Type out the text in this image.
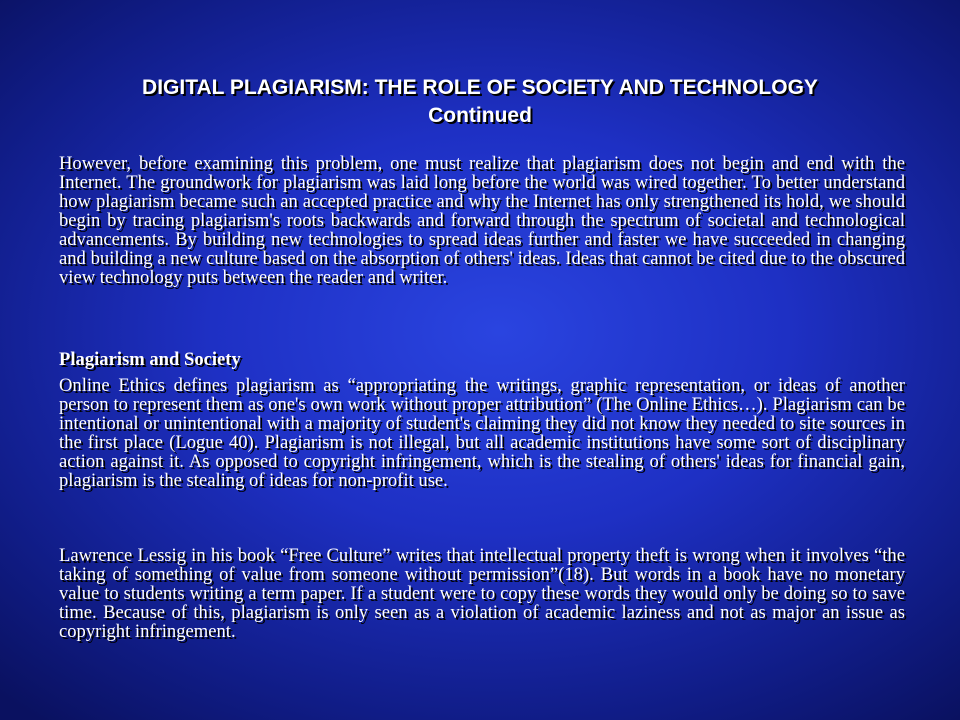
DIGITAL PLAGIARISM: THE ROLE OF SOCIETY AND TECHNOLOGY
Continued

However, before examining this problem, one must realize that plagiarism does not begin and end with the Internet. The groundwork for plagiarism was laid long before the world was wired together. To better understand how plagiarism became such an accepted practice and why the Internet has only strengthened its hold, we should begin by tracing plagiarism's roots backwards and forward through the spectrum of societal and technological advancements. By building new technologies to spread ideas further and faster we have succeeded in changing and building a new culture based on the absorption of others' ideas. Ideas that cannot be cited due to the obscured view technology puts between the reader and writer.

Plagiarism and Society

Online Ethics defines plagiarism as “appropriating the writings, graphic representation, or ideas of another person to represent them as one's own work without proper attribution” (The Online Ethics…). Plagiarism can be intentional or unintentional with a majority of student's claiming they did not know they needed to site sources in the first place (Logue 40). Plagiarism is not illegal, but all academic institutions have some sort of disciplinary action against it. As opposed to copyright infringement, which is the stealing of others' ideas for financial gain, plagiarism is the stealing of ideas for non-profit use.

Lawrence Lessig in his book “Free Culture” writes that intellectual property theft is wrong when it involves “the taking of something of value from someone without permission”(18). But words in a book have no monetary value to students writing a term paper. If a student were to copy these words they would only be doing so to save time. Because of this, plagiarism is only seen as a violation of academic laziness and not as major an issue as copyright infringement.
